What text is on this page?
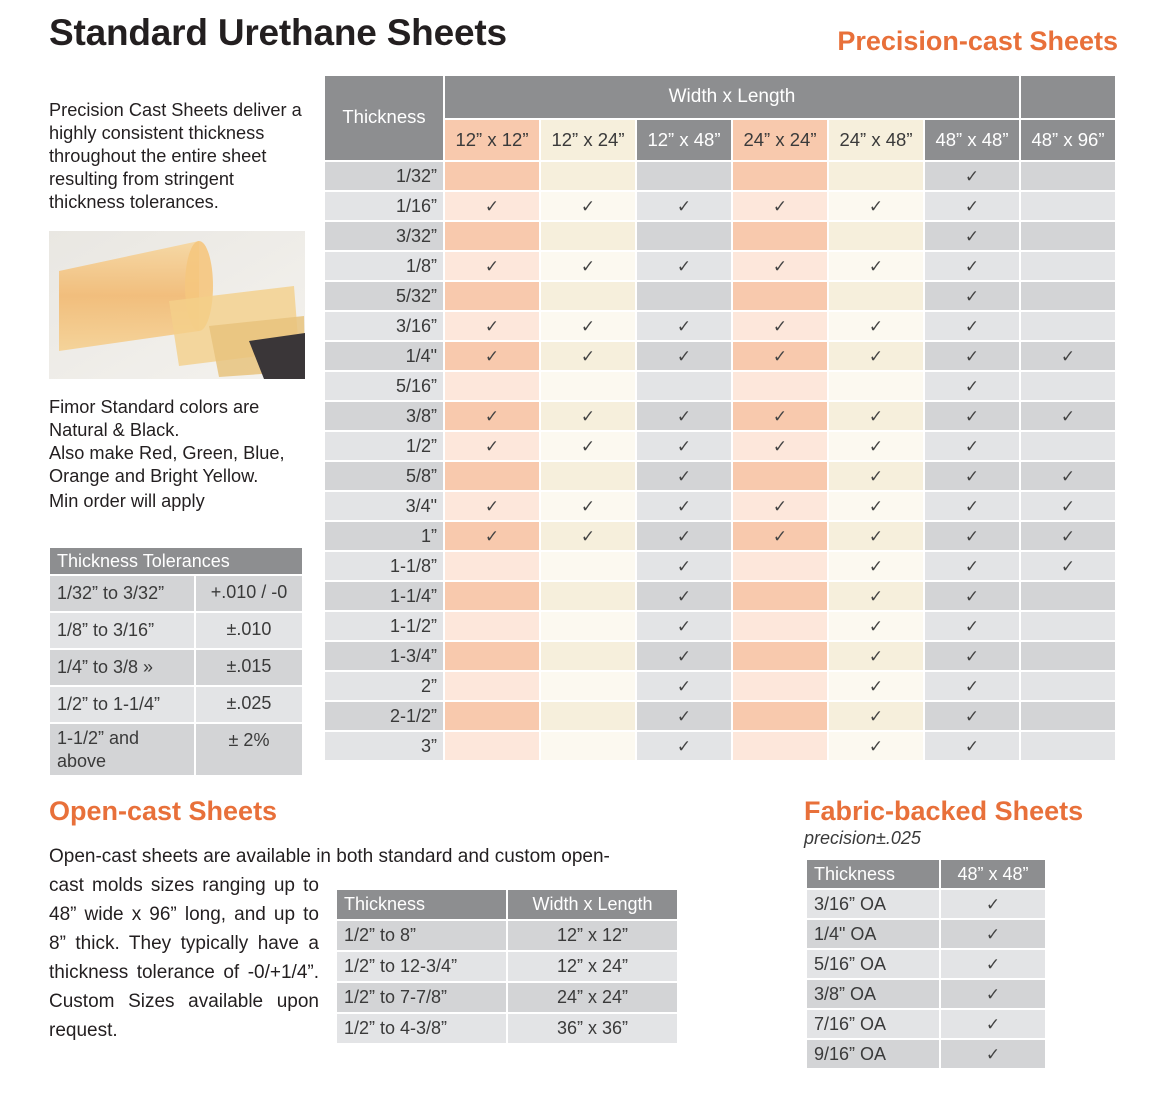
Standard Urethane Sheets	Precision-cast Sheets
Precision Cast Sheets deliver a highly consistent thickness throughout the entire sheet resulting from stringent thickness tolerances.
Fimor Standard colors are
Natural & Black.
Also make Red, Green, Blue,
Orange and Bright Yellow.
Min order will apply
Thickness Tolerances	
1/32” to 3/32”	+.010 / -0
1/8” to 3/16”	±.010
1/4” to 3/8 »	±.015
1/2” to 1-1/4”	±.025
1-1/2” and above	± 2%
Thickness	Width x Length						
	12” x 12”	12” x 24”	12” x 48”	24” x 24”	24” x 48”	48” x 48”	48” x 96”
1/32”						✓	
1/16”	✓	✓	✓	✓	✓	✓	
3/32”						✓	
1/8”	✓	✓	✓	✓	✓	✓	
5/32”						✓	
3/16”	✓	✓	✓	✓	✓	✓	
1/4"	✓	✓	✓	✓	✓	✓	✓
5/16”						✓	
3/8”	✓	✓	✓	✓	✓	✓	✓
1/2”	✓	✓	✓	✓	✓	✓	
5/8”			✓		✓	✓	✓
3/4"	✓	✓	✓	✓	✓	✓	✓
1”	✓	✓	✓	✓	✓	✓	✓
1-1/8”			✓		✓	✓	✓
1-1/4”			✓		✓	✓	
1-1/2”			✓		✓	✓	
1-3/4”			✓		✓	✓	
2”			✓		✓	✓	
2-1/2”			✓		✓	✓	
3”			✓		✓	✓	
Open-cast Sheets
Open-cast sheets are available in both standard and custom open-
cast molds sizes ranging up to 48” wide x 96” long, and up to 8” thick. They typically have a thickness tolerance of -0/+1/4”. Custom Sizes available upon request.
Thickness	Width x Length
1/2” to 8”	12” x 12”
1/2” to 12-3/4”	12” x 24”
1/2” to 7-7/8”	24” x 24”
1/2” to 4-3/8”	36” x 36”
Fabric-backed Sheets
precision±.025
Thickness	48” x 48”
3/16” OA	✓
1/4" OA	✓
5/16” OA	✓
3/8” OA	✓
7/16” OA	✓
9/16” OA	✓
